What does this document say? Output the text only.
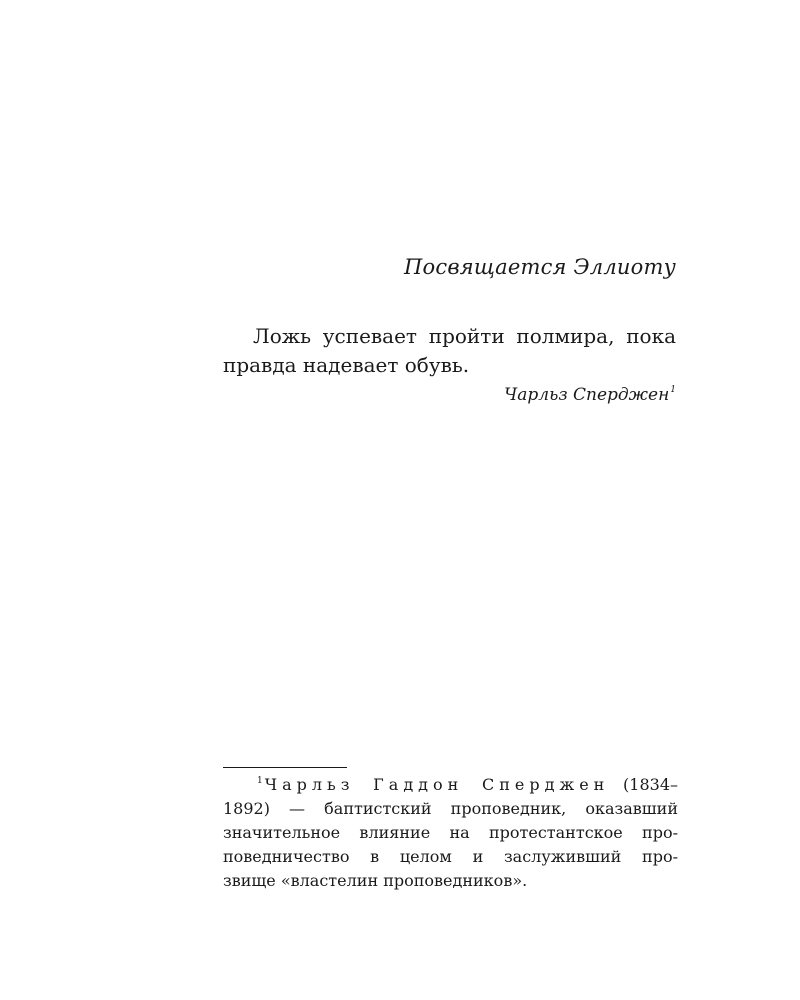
Посвящается Эллиоту

Ложь успевает пройти полмира, пока правда надевает обувь.

Чарльз Сперджен$^1$

$^1$ Чарльз Гаддон Сперджен (1834–
1892) — баптистский проповедник, оказавший
значительное влияние на протестантское про-
поведничество в целом и заслуживший про-
звище «властелин проповедников».
